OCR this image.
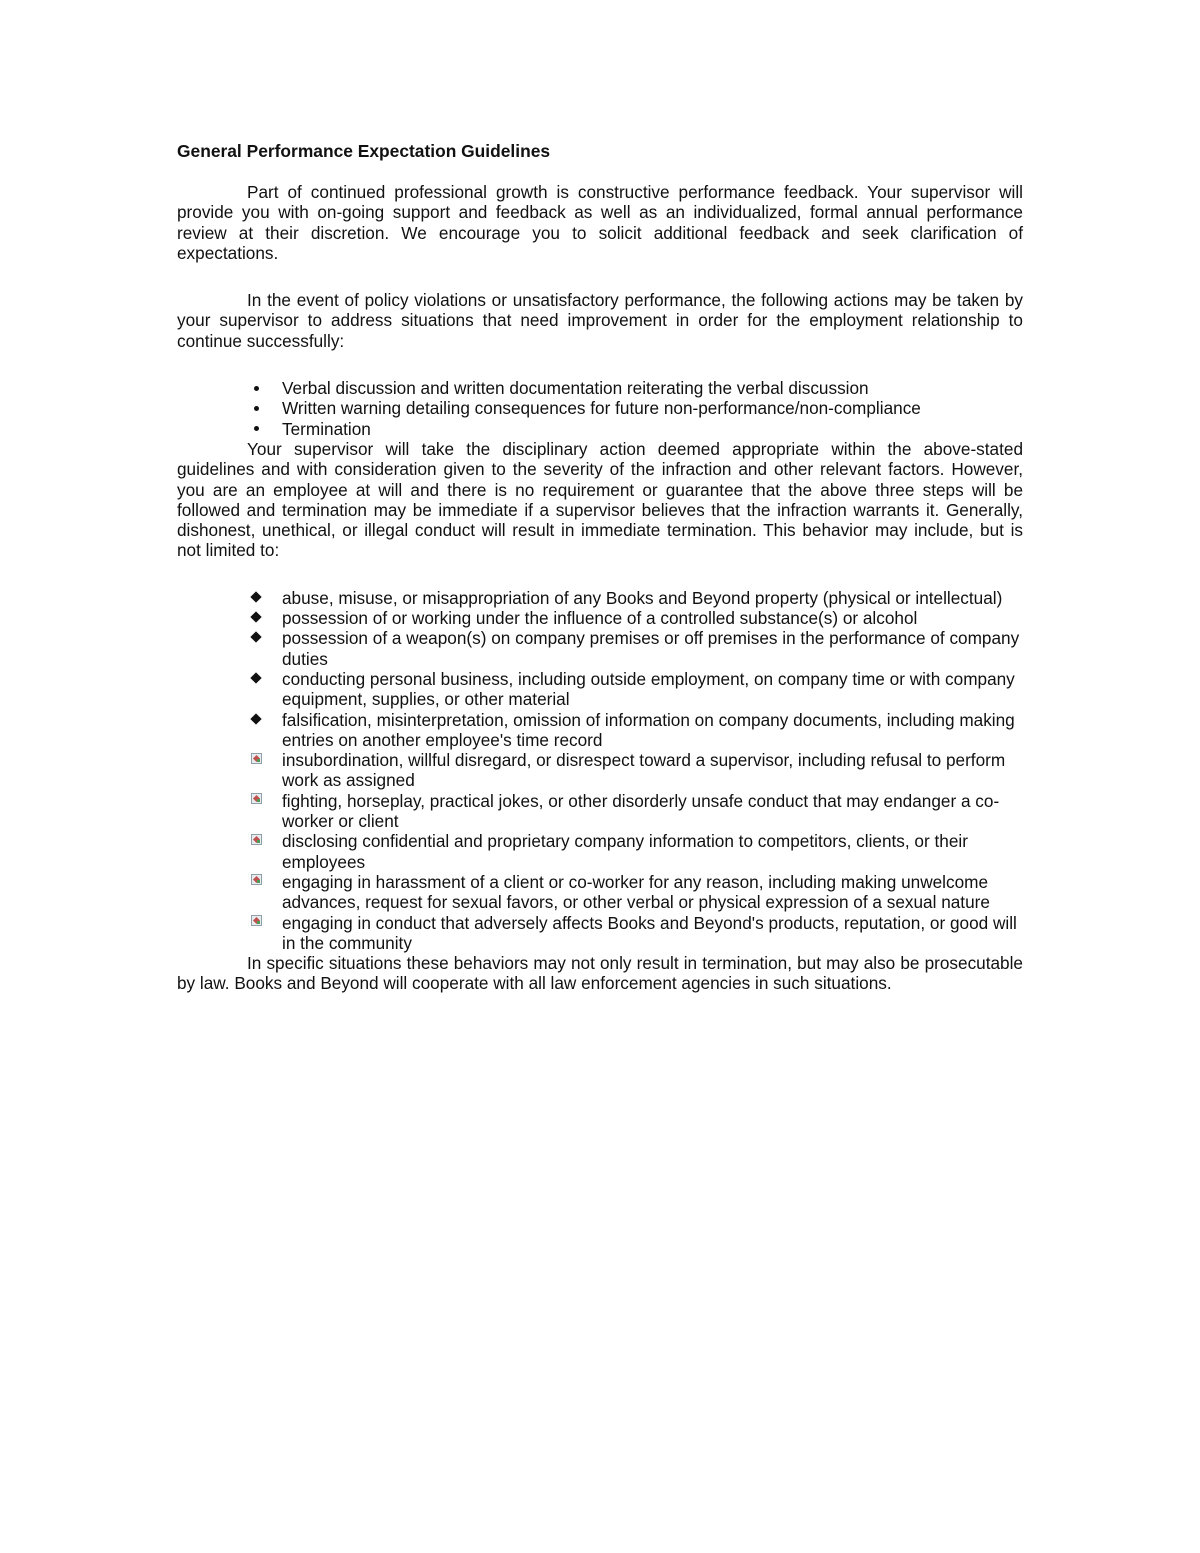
General Performance Expectation Guidelines

Part of continued professional growth is constructive performance feedback. Your supervisor will provide you with on-going support and feedback as well as an individualized, formal annual performance review at their discretion. We encourage you to solicit additional feedback and seek clarification of expectations.

In the event of policy violations or unsatisfactory performance, the following actions may be taken by your supervisor to address situations that need improvement in order for the employment relationship to continue successfully:

Verbal discussion and written documentation reiterating the verbal discussion
Written warning detailing consequences for future non-performance/non-compliance
Termination

Your supervisor will take the disciplinary action deemed appropriate within the above-stated guidelines and with consideration given to the severity of the infraction and other relevant factors. However, you are an employee at will and there is no requirement or guarantee that the above three steps will be followed and termination may be immediate if a supervisor believes that the infraction warrants it. Generally, dishonest, unethical, or illegal conduct will result in immediate termination. This behavior may include, but is not limited to:

abuse, misuse, or misappropriation of any Books and Beyond property (physical or intellectual)
possession of or working under the influence of a controlled substance(s) or alcohol
possession of a weapon(s) on company premises or off premises in the performance of company duties
conducting personal business, including outside employment, on company time or with company equipment, supplies, or other material
falsification, misinterpretation, omission of information on company documents, including making entries on another employee's time record
insubordination, willful disregard, or disrespect toward a supervisor, including refusal to perform work as assigned
fighting, horseplay, practical jokes, or other disorderly unsafe conduct that may endanger a co-worker or client
disclosing confidential and proprietary company information to competitors, clients, or their employees
engaging in harassment of a client or co-worker for any reason, including making unwelcome advances, request for sexual favors, or other verbal or physical expression of a sexual nature
engaging in conduct that adversely affects Books and Beyond's products, reputation, or good will in the community

In specific situations these behaviors may not only result in termination, but may also be prosecutable by law. Books and Beyond will cooperate with all law enforcement agencies in such situations.
